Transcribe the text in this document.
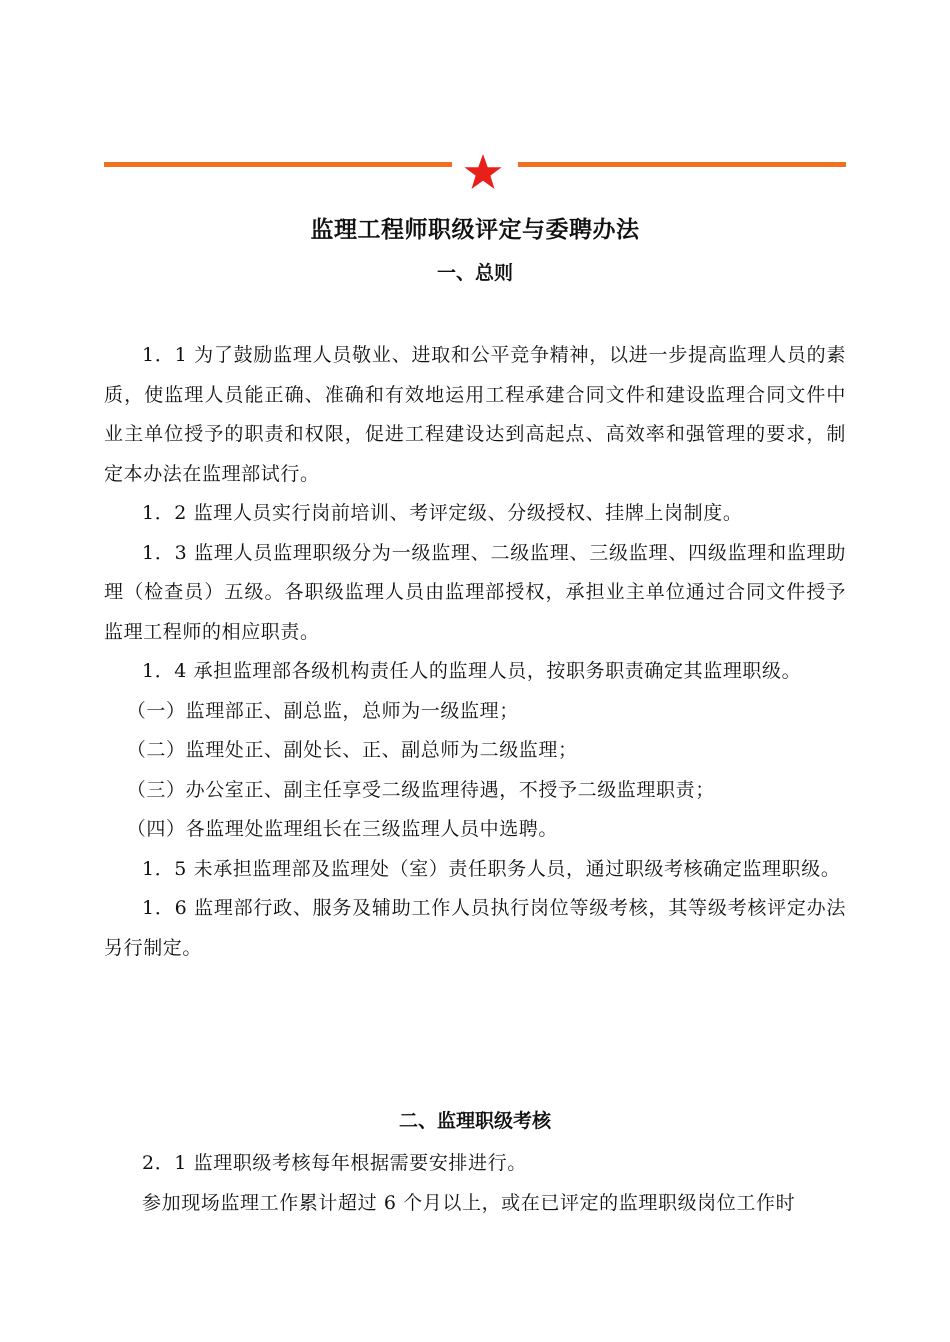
监理工程师职级评定与委聘办法
一、总则

1．1 为了鼓励监理人员敬业、进取和公平竞争精神，以进一步提高监理人员的素质，使监理人员能正确、准确和有效地运用工程承建合同文件和建设监理合同文件中业主单位授予的职责和权限，促进工程建设达到高起点、高效率和强管理的要求，制定本办法在监理部试行。

1．2 监理人员实行岗前培训、考评定级、分级授权、挂牌上岗制度。

1．3 监理人员监理职级分为一级监理、二级监理、三级监理、四级监理和监理助理（检查员）五级。各职级监理人员由监理部授权，承担业主单位通过合同文件授予监理工程师的相应职责。

1．4 承担监理部各级机构责任人的监理人员，按职务职责确定其监理职级。

（一）监理部正、副总监，总师为一级监理；

（二）监理处正、副处长、正、副总师为二级监理；

（三）办公室正、副主任享受二级监理待遇，不授予二级监理职责；

（四）各监理处监理组长在三级监理人员中选聘。

1．5 未承担监理部及监理处（室）责任职务人员，通过职级考核确定监理职级。

1．6 监理部行政、服务及辅助工作人员执行岗位等级考核，其等级考核评定办法另行制定。

二、监理职级考核

2．1 监理职级考核每年根据需要安排进行。

参加现场监理工作累计超过 6 个月以上，或在已评定的监理职级岗位工作时
